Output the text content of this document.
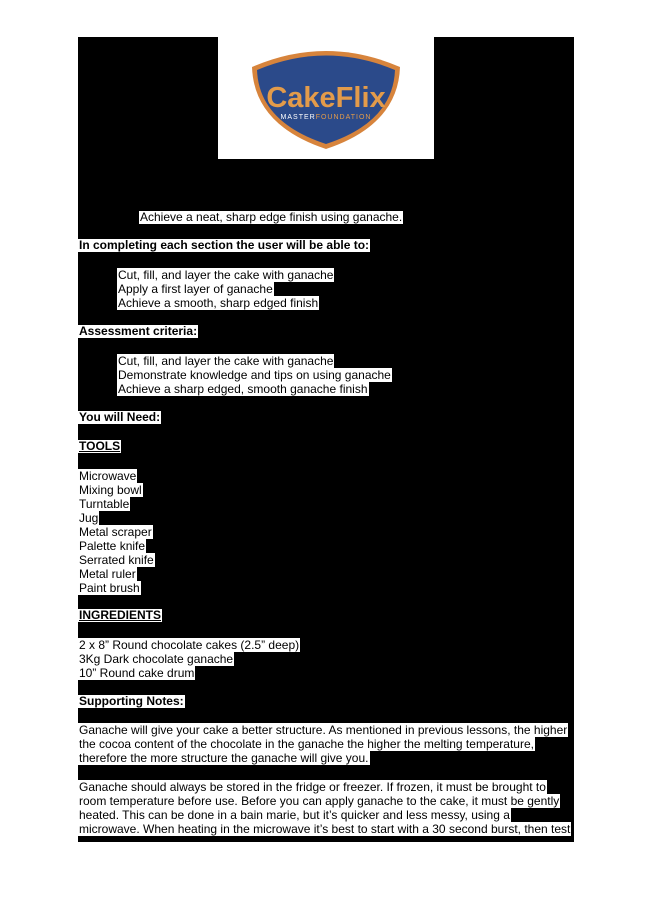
CakeFlix
MASTERFOUNDATION
Achieve a neat, sharp edge finish using ganache.
In completing each section the user will be able to:
Cut, fill, and layer the cake with ganache
Apply a first layer of ganache
Achieve a smooth, sharp edged finish
Assessment criteria:
Cut, fill, and layer the cake with ganache
Demonstrate knowledge and tips on using ganache
Achieve a sharp edged, smooth ganache finish
You will Need:
TOOLS
Microwave
Mixing bowl
Turntable
Jug
Metal scraper
Palette knife
Serrated knife
Metal ruler
Paint brush
INGREDIENTS
2 x 8” Round chocolate cakes (2.5” deep)
3Kg Dark chocolate ganache
10” Round cake drum
Supporting Notes:
Ganache will give your cake a better structure. As mentioned in previous lessons, the higher
the cocoa content of the chocolate in the ganache the higher the melting temperature,
therefore the more structure the ganache will give you.
Ganache should always be stored in the fridge or freezer. If frozen, it must be brought to
room temperature before use. Before you can apply ganache to the cake, it must be gently
heated. This can be done in a bain marie, but it’s quicker and less messy, using a
microwave. When heating in the microwave it’s best to start with a 30 second burst, then test
